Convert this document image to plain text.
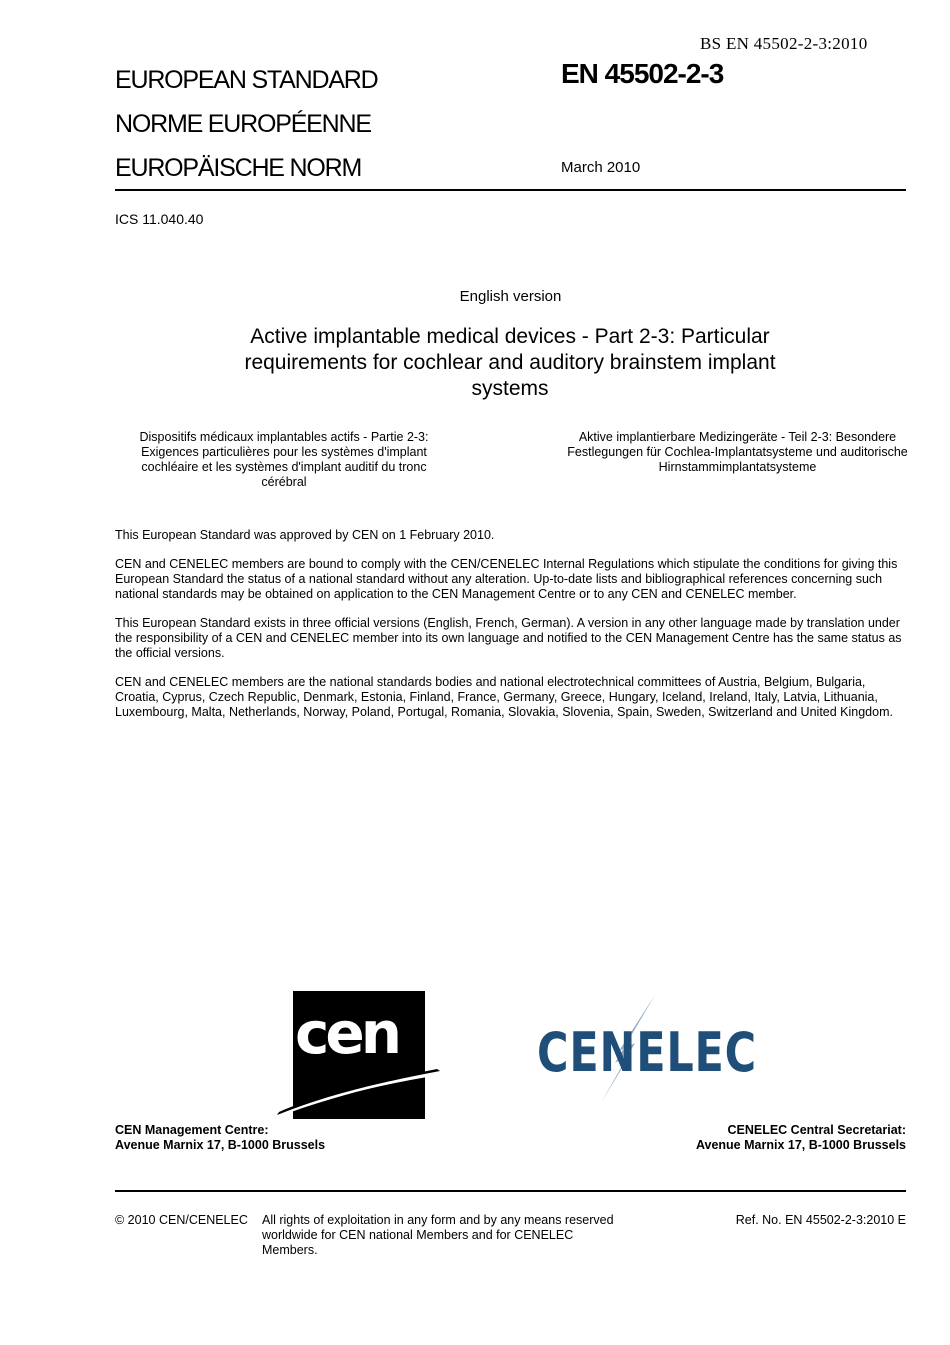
BS EN 45502-2-3:2010
EUROPEAN STANDARD
NORME EUROPÉENNE
EUROPÄISCHE NORM
EN 45502-2-3
March 2010
ICS 11.040.40
English version
Active implantable medical devices - Part 2-3: Particular requirements for cochlear and auditory brainstem implant systems
Dispositifs médicaux implantables actifs - Partie 2-3: Exigences particulières pour les systèmes d'implant cochléaire et les systèmes d'implant auditif du tronc cérébral
Aktive implantierbare Medizingeräte - Teil 2-3: Besondere Festlegungen für Cochlea-Implantatsysteme und auditorische Hirnstammimplantatsysteme

This European Standard was approved by CEN on 1 February 2010.

CEN and CENELEC members are bound to comply with the CEN/CENELEC Internal Regulations which stipulate the conditions for giving this European Standard the status of a national standard without any alteration. Up-to-date lists and bibliographical references concerning such national standards may be obtained on application to the CEN Management Centre or to any CEN and CENELEC member.

This European Standard exists in three official versions (English, French, German). A version in any other language made by translation under the responsibility of a CEN and CENELEC member into its own language and notified to the CEN Management Centre has the same status as the official versions.

CEN and CENELEC members are the national standards bodies and national electrotechnical committees of Austria, Belgium, Bulgaria, Croatia, Cyprus, Czech Republic, Denmark, Estonia, Finland, France, Germany, Greece, Hungary, Iceland, Ireland, Italy, Latvia, Lithuania, Luxembourg, Malta, Netherlands, Norway, Poland, Portugal, Romania, Slovakia, Slovenia, Spain, Sweden, Switzerland and United Kingdom.

cen	CENELEC
CEN Management Centre:
Avenue Marnix 17, B-1000 Brussels
CENELEC Central Secretariat:
Avenue Marnix 17, B-1000 Brussels
© 2010 CEN/CENELEC All rights of exploitation in any form and by any means reserved worldwide for CEN national Members and for CENELEC Members.
Ref. No. EN 45502-2-3:2010 E
